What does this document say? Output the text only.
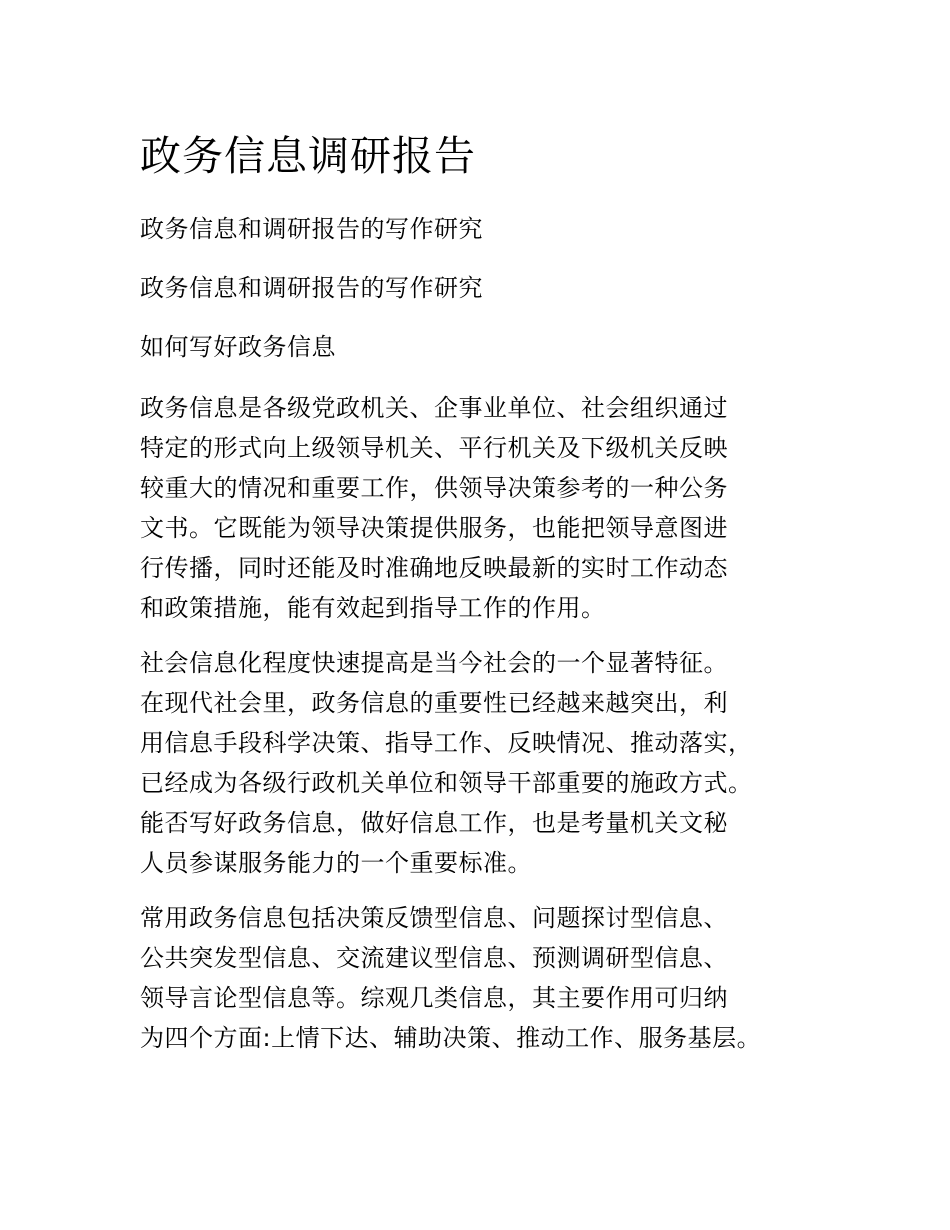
政务信息调研报告
政务信息和调研报告的写作研究
政务信息和调研报告的写作研究
如何写好政务信息
政务信息是各级党政机关、企事业单位、社会组织通过
特定的形式向上级领导机关、平行机关及下级机关反映
较重大的情况和重要工作，供领导决策参考的一种公务
文书。它既能为领导决策提供服务，也能把领导意图进
行传播，同时还能及时准确地反映最新的实时工作动态
和政策措施，能有效起到指导工作的作用。
社会信息化程度快速提高是当今社会的一个显著特征。
在现代社会里，政务信息的重要性已经越来越突出，利
用信息手段科学决策、指导工作、反映情况、推动落实，
已经成为各级行政机关单位和领导干部重要的施政方式。
能否写好政务信息，做好信息工作，也是考量机关文秘
人员参谋服务能力的一个重要标准。
常用政务信息包括决策反馈型信息、问题探讨型信息、
公共突发型信息、交流建议型信息、预测调研型信息、
领导言论型信息等。综观几类信息，其主要作用可归纳
为四个方面:上情下达、辅助决策、推动工作、服务基层。
